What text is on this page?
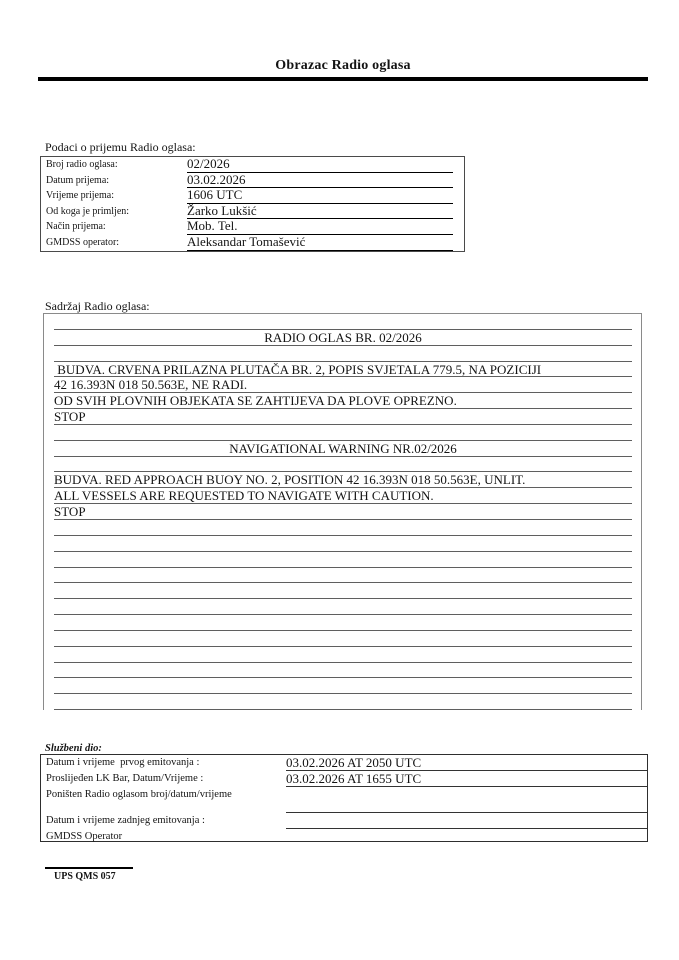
Obrazac Radio oglasa
Podaci o prijemu Radio oglasa:
Broj radio oglasa:	02/2026
Datum prijema:	03.02.2026
Vrijeme prijema:	1606 UTC
Od koga je primljen:	Žarko Lukšić
Način prijema:	Mob. Tel.
GMDSS operator:	Aleksandar Tomašević
Sadržaj Radio oglasa:
RADIO OGLAS BR. 02/2026
BUDVA. CRVENA PRILAZNA PLUTAČA BR. 2, POPIS SVJETALA 779.5, NA POZICIJI
42 16.393N 018 50.563E, NE RADI.
OD SVIH PLOVNIH OBJEKATA SE ZAHTIJEVA DA PLOVE OPREZNO.
STOP
NAVIGATIONAL WARNING NR.02/2026
BUDVA. RED APPROACH BUOY NO. 2, POSITION 42 16.393N 018 50.563E, UNLIT.
ALL VESSELS ARE REQUESTED TO NAVIGATE WITH CAUTION.
STOP
Službeni dio:
Datum i vrijeme  prvog emitovanja :	03.02.2026 AT 2050 UTC
Proslijeđen LK Bar, Datum/Vrijeme :	03.02.2026 AT 1655 UTC
Poništen Radio oglasom broj/datum/vrijeme
Datum i vrijeme zadnjeg emitovanja :
GMDSS Operator
UPS QMS 057
